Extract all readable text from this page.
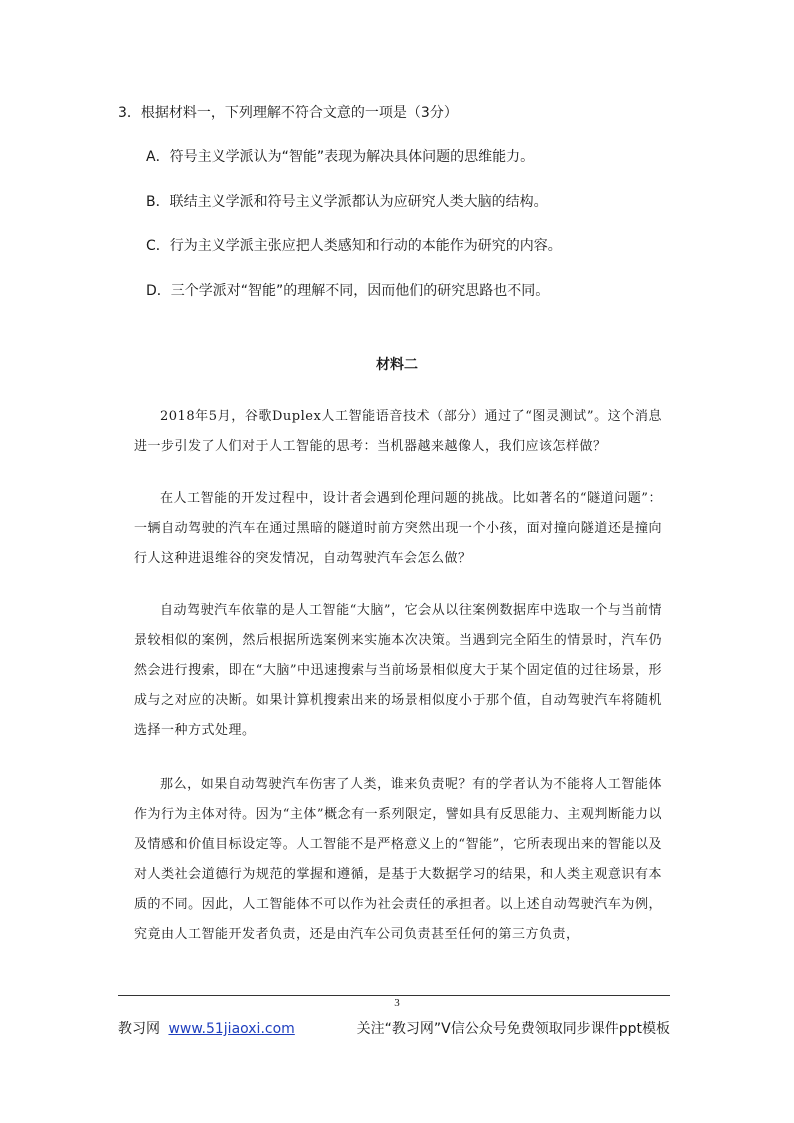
3．根据材料一，下列理解不符合文意的一项是（3分）
A．符号主义学派认为“智能”表现为解决具体问题的思维能力。
B．联结主义学派和符号主义学派都认为应研究人类大脑的结构。
C．行为主义学派主张应把人类感知和行动的本能作为研究的内容。
D．三个学派对“智能”的理解不同，因而他们的研究思路也不同。
材料二
2018年5月，谷歌Duplex人工智能语音技术（部分）通过了“图灵测试”。这个消息进一步引发了人们对于人工智能的思考：当机器越来越像人，我们应该怎样做？
在人工智能的开发过程中，设计者会遇到伦理问题的挑战。比如著名的“隧道问题”：一辆自动驾驶的汽车在通过黑暗的隧道时前方突然出现一个小孩，面对撞向隧道还是撞向行人这种进退维谷的突发情况，自动驾驶汽车会怎么做？
自动驾驶汽车依靠的是人工智能“大脑”，它会从以往案例数据库中选取一个与当前情景较相似的案例，然后根据所选案例来实施本次决策。当遇到完全陌生的情景时，汽车仍然会进行搜索，即在“大脑”中迅速搜索与当前场景相似度大于某个固定值的过往场景，形成与之对应的决断。如果计算机搜索出来的场景相似度小于那个值，自动驾驶汽车将随机选择一种方式处理。
那么，如果自动驾驶汽车伤害了人类，谁来负责呢？有的学者认为不能将人工智能体作为行为主体对待。因为“主体”概念有一系列限定，譬如具有反思能力、主观判断能力以及情感和价值目标设定等。人工智能不是严格意义上的“智能”，它所表现出来的智能以及对人类社会道德行为规范的掌握和遵循，是基于大数据学习的结果，和人类主观意识有本质的不同。因此，人工智能体不可以作为社会责任的承担者。以上述自动驾驶汽车为例，究竟由人工智能开发者负责，还是由汽车公司负责甚至任何的第三方负责，
3
教习网 www.51jiaoxi.com	关注“教习网”V信公众号免费领取同步课件ppt模板
